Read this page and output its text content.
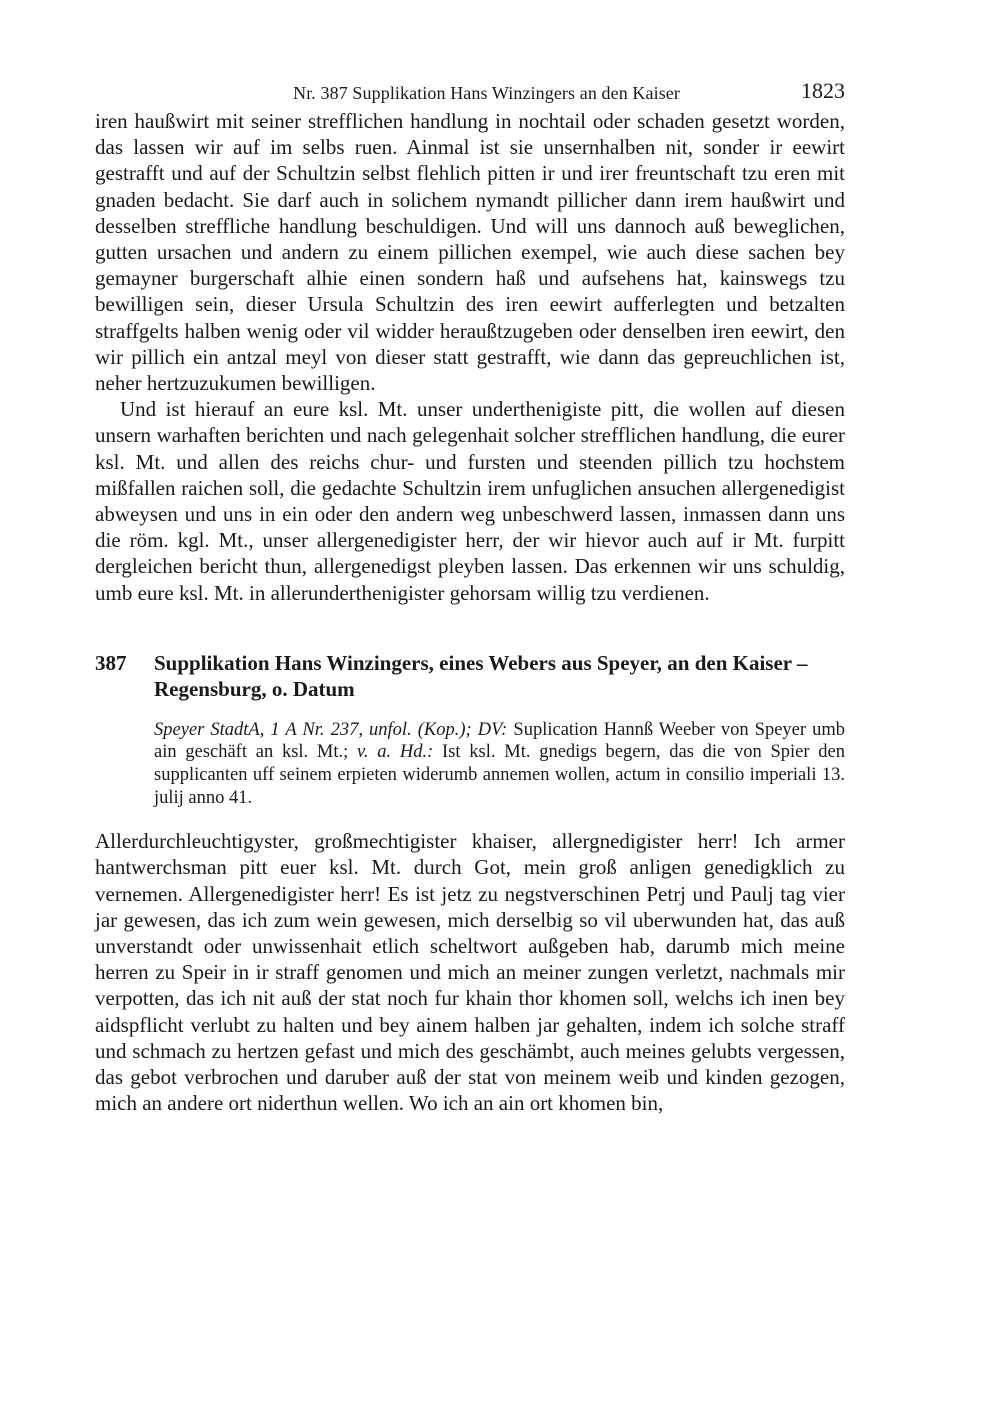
Nr. 387 Supplikation Hans Winzingers an den Kaiser	1823

iren haußwirt mit seiner strefflichen handlung in nochtail oder schaden gesetzt worden, das lassen wir auf im selbs ruen. Ainmal ist sie unsernhalben nit, sonder ir eewirt gestrafft und auf der Schultzin selbst flehlich pitten ir und irer freuntschaft tzu eren mit gnaden bedacht. Sie darf auch in solichem nymandt pillicher dann irem haußwirt und desselben streffliche handlung beschuldigen. Und will uns dannoch auß beweglichen, gutten ursachen und andern zu einem pillichen exempel, wie auch diese sachen bey gemayner burgerschaft alhie einen sondern haß und aufsehens hat, kainswegs tzu bewilligen sein, dieser Ursula Schultzin des iren eewirt aufferlegten und betzalten straffgelts halben wenig oder vil widder heraußtzugeben oder denselben iren eewirt, den wir pillich ein antzal meyl von dieser statt gestrafft, wie dann das gepreuchlichen ist, neher hertzuzukumen bewilligen.

Und ist hierauf an eure ksl. Mt. unser underthenigiste pitt, die wollen auf diesen unsern warhaften berichten und nach gelegenhait solcher strefflichen handlung, die eurer ksl. Mt. und allen des reichs chur- und fursten und steenden pillich tzu hochstem mißfallen raichen soll, die gedachte Schultzin irem unfuglichen ansuchen allergenedigist abweysen und uns in ein oder den andern weg unbeschwerd lassen, inmassen dann uns die röm. kgl. Mt., unser allergenedigister herr, der wir hievor auch auf ir Mt. furpitt dergleichen bericht thun, allergenedigst pleyben lassen. Das erkennen wir uns schuldig, umb eure ksl. Mt. in allerunderthenigister gehorsam willig tzu verdienen.

387	Supplikation Hans Winzingers, eines Webers aus Speyer, an den Kaiser – Regensburg, o. Datum

Speyer StadtA, 1 A Nr. 237, unfol. (Kop.); DV: Suplication Hannß Weeber von Speyer umb ain geschäft an ksl. Mt.; v. a. Hd.: Ist ksl. Mt. gnedigs begern, das die von Spier den supplicanten uff seinem erpieten widerumb annemen wollen, actum in consilio imperiali 13. julij anno 41.

Allerdurchleuchtigyster, großmechtigister khaiser, allergnedigister herr! Ich armer hantwerchsman pitt euer ksl. Mt. durch Got, mein groß anligen genedigklich zu vernemen. Allergenedigister herr! Es ist jetz zu negstverschinen Petrj und Paulj tag vier jar gewesen, das ich zum wein gewesen, mich derselbig so vil uberwunden hat, das auß unverstandt oder unwissenhait etlich scheltwort außgeben hab, darumb mich meine herren zu Speir in ir straff genomen und mich an meiner zungen verletzt, nachmals mir verpotten, das ich nit auß der stat noch fur khain thor khomen soll, welchs ich inen bey aidspflicht verlubt zu halten und bey ainem halben jar gehalten, indem ich solche straff und schmach zu hertzen gefast und mich des geschämbt, auch meines gelubts vergessen, das gebot verbrochen und daruber auß der stat von meinem weib und kinden gezogen, mich an andere ort niderthun wellen. Wo ich an ain ort khomen bin,
